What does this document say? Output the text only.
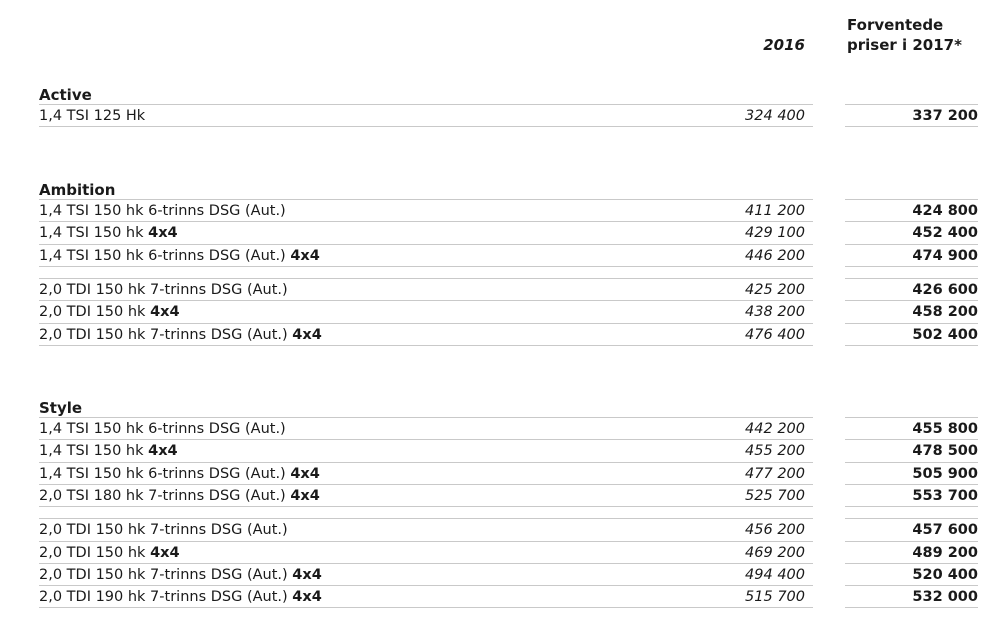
2016
Forventede
priser i 2017*
Active
1,4 TSI 125 Hk	324 400	337 200
Ambition
1,4 TSI 150 hk 6-trinns DSG (Aut.)	411 200	424 800
1,4 TSI 150 hk 4x4	429 100	452 400
1,4 TSI 150 hk 6-trinns DSG (Aut.) 4x4	446 200	474 900
2,0 TDI 150 hk 7-trinns DSG (Aut.)	425 200	426 600
2,0 TDI 150 hk 4x4	438 200	458 200
2,0 TDI 150 hk 7-trinns DSG (Aut.) 4x4	476 400	502 400
Style
1,4 TSI 150 hk 6-trinns DSG (Aut.)	442 200	455 800
1,4 TSI 150 hk 4x4	455 200	478 500
1,4 TSI 150 hk 6-trinns DSG (Aut.) 4x4	477 200	505 900
2,0 TSI 180 hk 7-trinns DSG (Aut.) 4x4	525 700	553 700
2,0 TDI 150 hk 7-trinns DSG (Aut.)	456 200	457 600
2,0 TDI 150 hk 4x4	469 200	489 200
2,0 TDI 150 hk 7-trinns DSG (Aut.) 4x4	494 400	520 400
2,0 TDI 190 hk 7-trinns DSG (Aut.) 4x4	515 700	532 000
